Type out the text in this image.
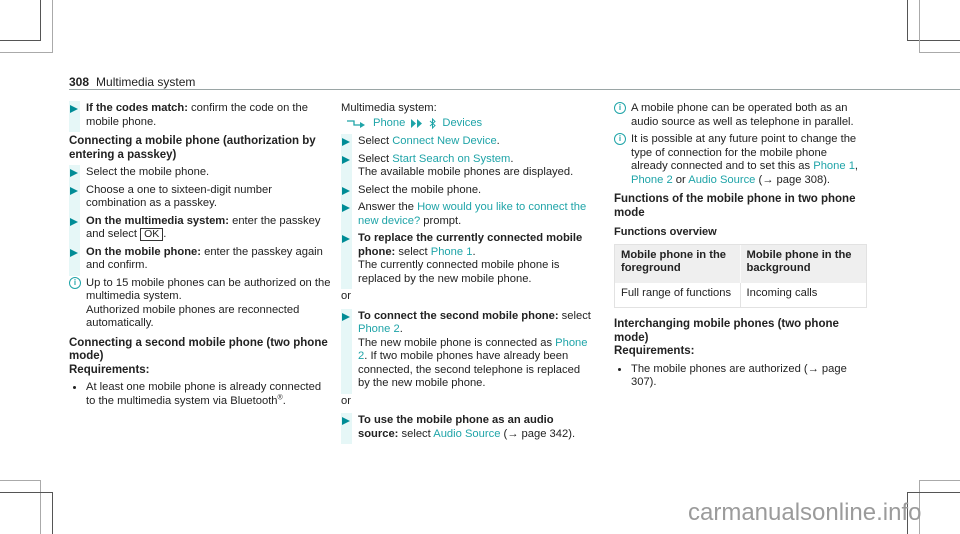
308 Multimedia system

If the codes match: confirm the code on the mobile phone.

Connecting a mobile phone (authorization by entering a passkey)

Select the mobile phone.

Choose a one to sixteen-digit number combination as a passkey.

On the multimedia system: enter the passkey and select OK .

On the mobile phone: enter the passkey again and confirm.

i Up to 15 mobile phones can be authorized on the multimedia system.
Authorized mobile phones are reconnected automatically.
Connecting a second mobile phone (two phone mode)
Requirements:
At least one mobile phone is already connected to the multimedia system via Bluetooth®.
Multimedia system:
Phone	Devices

Select Connect New Device.

Select Start Search on System.

The available mobile phones are displayed.

Select the mobile phone.

Answer the How would you like to connect the new device? prompt.

To replace the currently connected mobile phone: select Phone 1.

The currently connected mobile phone is replaced by the new mobile phone.

or

To connect the second mobile phone: select Phone 2.

The new mobile phone is connected as Phone 2. If two mobile phones have already been connected, the second telephone is replaced by the new mobile phone.

or

To use the mobile phone as an audio source: select Audio Source (→ page 342).

i A mobile phone can be operated both as an audio source as well as telephone in parallel.
i It is possible at any future point to change the type of connection for the mobile phone already connected and to set this as Phone 1, Phone 2 or Audio Source (→ page 308).
Functions of the mobile phone in two phone mode
Functions overview
Mobile phone in the foreground
Mobile phone in the background
Full range of functions	Incoming calls
Interchanging mobile phones (two phone mode)
Requirements:
The mobile phones are authorized (→ page 307).
carmanualsonline.info
